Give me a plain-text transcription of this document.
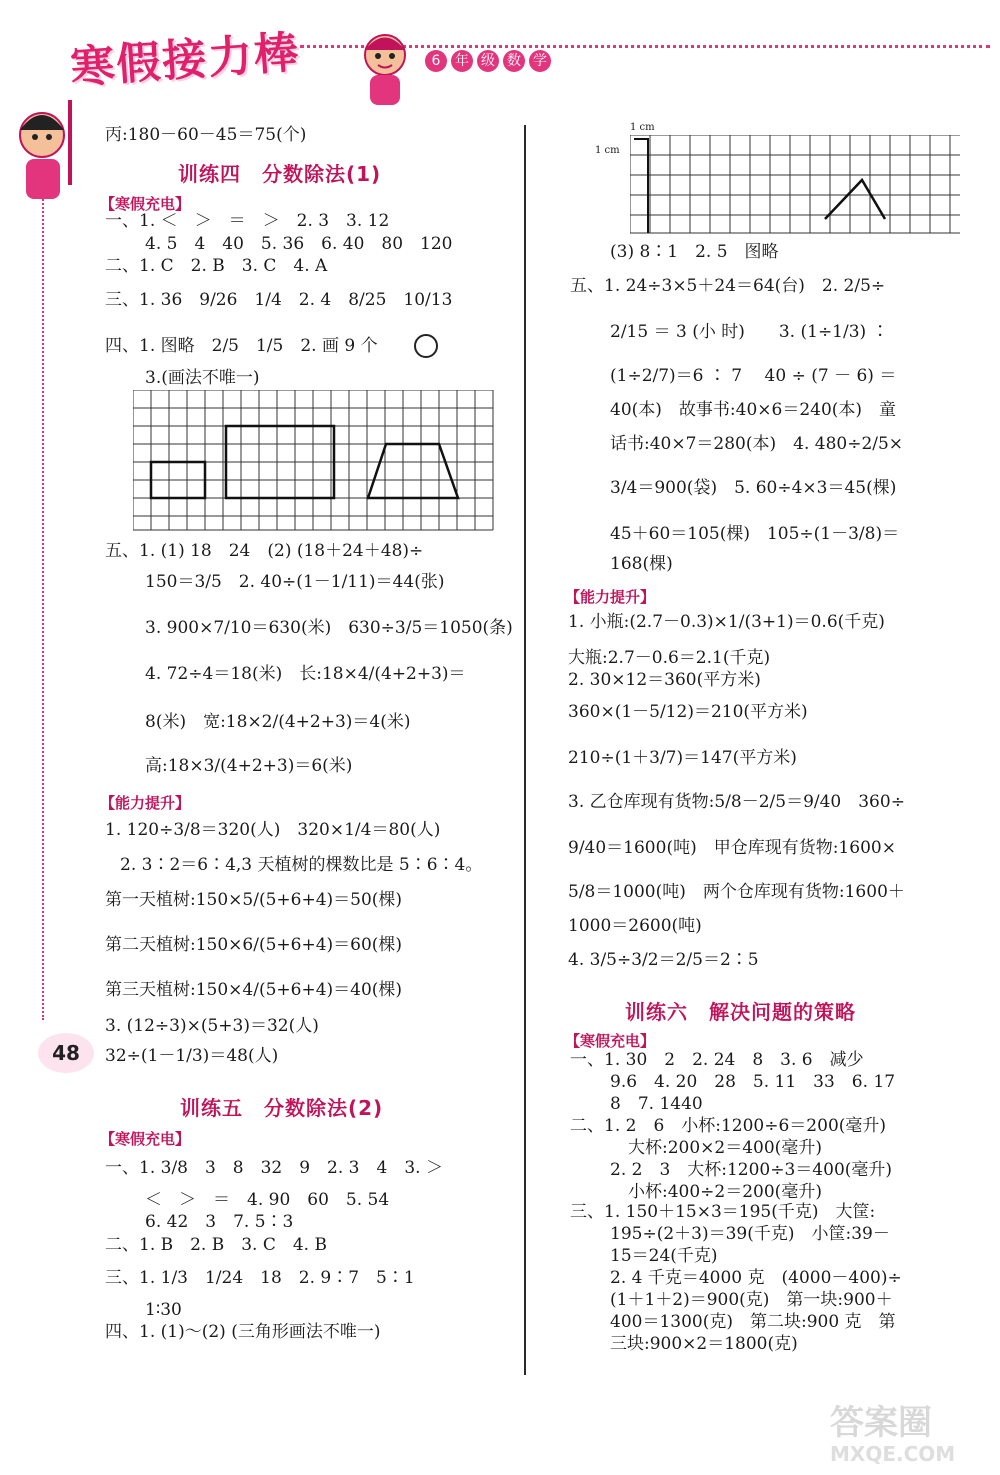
寒假接力棒	6 年 级 数 学
48
丙:180－60－45＝75(个)
训练四　分数除法(1)
【寒假充电】
一、1. ＜　＞　＝　＞　2. 3　3. 12
4. 5　4　40　5. 36　6. 40　80　120
二、1. C　2. B　3. C　4. A
三、1. 36　9/26　1/4　2. 4　8/25　10/13
四、1. 图略　2/5　1/5　2. 画 9 个
3.(画法不唯一)
五、1. (1) 18　24　(2) (18＋24＋48)÷
150＝3/5　2. 40÷(1－1/11)＝44(张)
3. 900×7/10＝630(米)　630÷3/5＝1050(条)
4. 72÷4＝18(米)　长:18×4/(4+2+3)＝
8(米)　宽:18×2/(4+2+3)＝4(米)
高:18×3/(4+2+3)＝6(米)
【能力提升】
1. 120÷3/8＝320(人)　320×1/4＝80(人)
2. 3∶2＝6∶4,3 天植树的棵数比是 5∶6∶4。
第一天植树:150×5/(5+6+4)＝50(棵)
第二天植树:150×6/(5+6+4)＝60(棵)
第三天植树:150×4/(5+6+4)＝40(棵)
3. (12÷3)×(5+3)＝32(人)
32÷(1－1/3)＝48(人)
训练五　分数除法(2)
【寒假充电】
一、1. 3/8　3　8　32　9　2. 3　4　3. ＞
＜　＞　＝　4. 90　60　5. 54
6. 42　3　7. 5∶3
二、1. B　2. B　3. C　4. B
三、1. 1/3　1/24　18　2. 9∶7　5∶1
1∶30
四、1. (1)～(2) (三角形画法不唯一)
1 cm
1 cm
(3) 8∶1　2. 5　图略
五、1. 24÷3×5＋24＝64(台)　2. 2/5÷
2/15 ＝ 3 (小 时)　　3. (1÷1/3) ∶
(1÷2/7)＝6 ∶ 7　 40 ÷ (7 － 6) ＝
40(本)　故事书:40×6＝240(本)　童
话书:40×7＝280(本)　4. 480÷2/5×
3/4＝900(袋)　5. 60÷4×3＝45(棵)
45＋60＝105(棵)　105÷(1－3/8)＝
168(棵)
【能力提升】
1. 小瓶:(2.7－0.3)×1/(3+1)＝0.6(千克)
大瓶:2.7－0.6＝2.1(千克)
2. 30×12＝360(平方米)
360×(1－5/12)＝210(平方米)
210÷(1＋3/7)＝147(平方米)
3. 乙仓库现有货物:5/8－2/5＝9/40　360÷
9/40＝1600(吨)　甲仓库现有货物:1600×
5/8＝1000(吨)　两个仓库现有货物:1600＋
1000＝2600(吨)
4. 3/5÷3/2＝2/5＝2∶5
训练六　解决问题的策略
【寒假充电】
一、1. 30　2　2. 24　8　3. 6　减少
9.6　4. 20　28　5. 11　33　6. 17
8　7. 1440
二、1. 2　6　小杯:1200÷6＝200(毫升)
大杯:200×2＝400(毫升)
2. 2　3　大杯:1200÷3＝400(毫升)
小杯:400÷2＝200(毫升)
三、1. 150＋15×3＝195(千克)　大筐:
195÷(2＋3)＝39(千克)　小筐:39－
15＝24(千克)
2. 4 千克＝4000 克　(4000－400)÷
(1＋1＋2)＝900(克)　第一块:900＋
400＝1300(克)　第二块:900 克　第
三块:900×2＝1800(克)
答案圈
MXQE.COM
